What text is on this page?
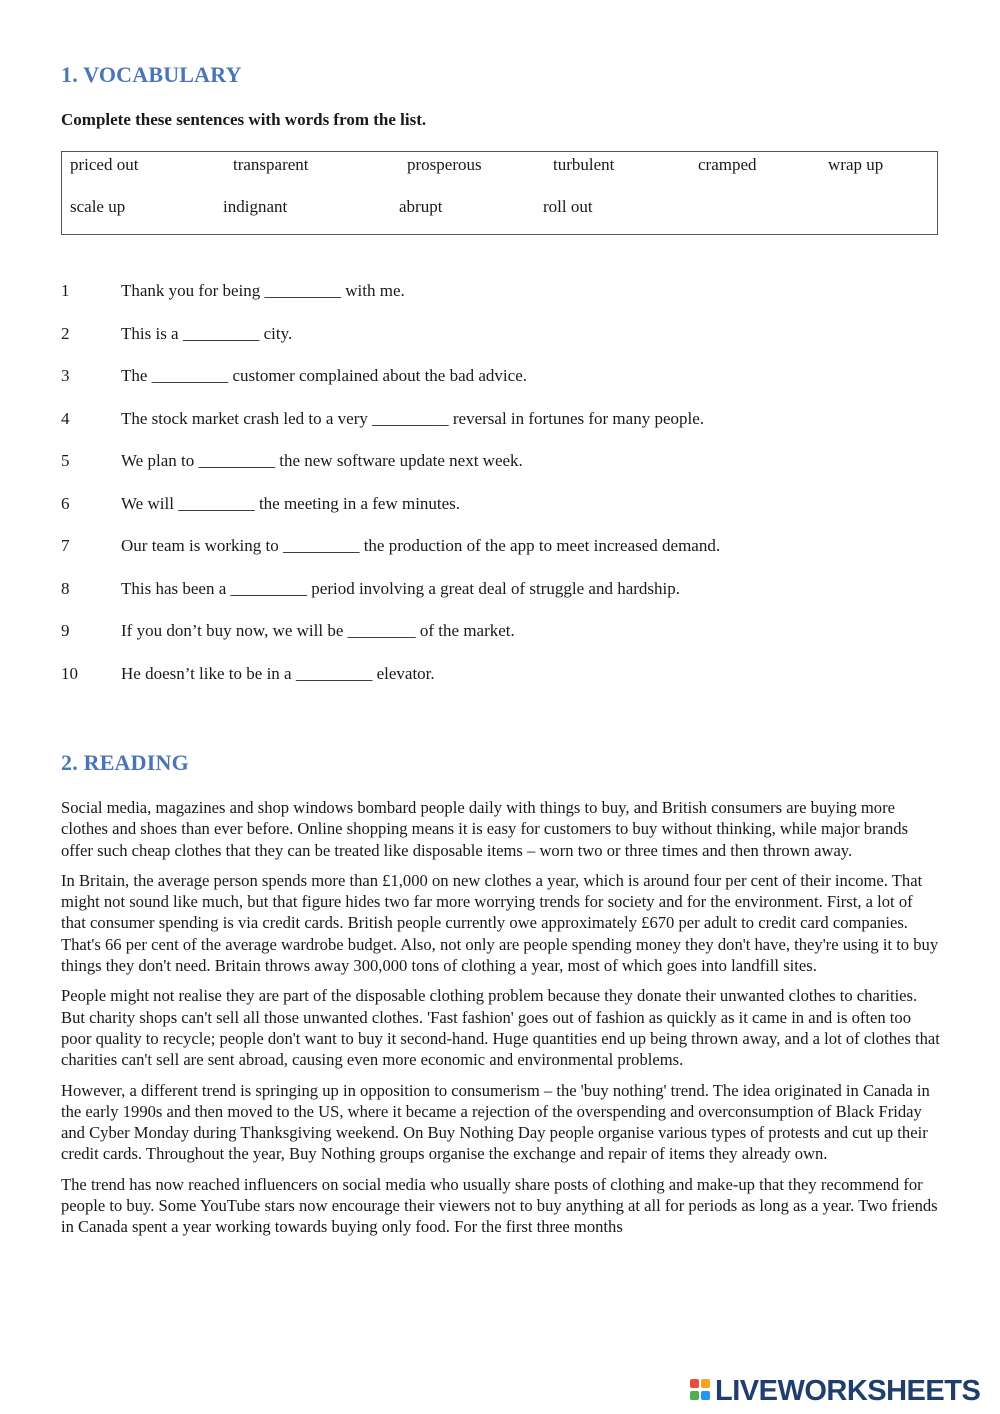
1. VOCABULARY
Complete these sentences with words from the list.
priced out	transparent	prosperous	turbulent	cramped	wrap up
scale up	indignant	abrupt	roll out
1	Thank you for being _________ with me.
2	This is a _________ city.
3	The _________ customer complained about the bad advice.
4	The stock market crash led to a very _________ reversal in fortunes for many people.
5	We plan to _________ the new software update next week.
6	We will _________ the meeting in a few minutes.
7	Our team is working to _________ the production of the app to meet increased demand.
8	This has been a _________ period involving a great deal of struggle and hardship.
9	If you don’t buy now, we will be ________ of the market.
10	He doesn’t like to be in a _________ elevator.
2. READING

Social media, magazines and shop windows bombard people daily with things to buy, and British consumers are buying more clothes and shoes than ever before. Online shopping means it is easy for customers to buy without thinking, while major brands offer such cheap clothes that they can be treated like disposable items – worn two or three times and then thrown away.

In Britain, the average person spends more than £1,000 on new clothes a year, which is around four per cent of their income. That might not sound like much, but that figure hides two far more worrying trends for society and for the environment. First, a lot of that consumer spending is via credit cards. British people currently owe approximately £670 per adult to credit card companies. That's 66 per cent of the average wardrobe budget. Also, not only are people spending money they don't have, they're using it to buy things they don't need. Britain throws away 300,000 tons of clothing a year, most of which goes into landfill sites.

People might not realise they are part of the disposable clothing problem because they donate their unwanted clothes to charities. But charity shops can't sell all those unwanted clothes. 'Fast fashion' goes out of fashion as quickly as it came in and is often too poor quality to recycle; people don't want to buy it second-hand. Huge quantities end up being thrown away, and a lot of clothes that charities can't sell are sent abroad, causing even more economic and environmental problems.

However, a different trend is springing up in opposition to consumerism – the 'buy nothing' trend. The idea originated in Canada in the early 1990s and then moved to the US, where it became a rejection of the overspending and overconsumption of Black Friday and Cyber Monday during Thanksgiving weekend. On Buy Nothing Day people organise various types of protests and cut up their credit cards. Throughout the year, Buy Nothing groups organise the exchange and repair of items they already own.

The trend has now reached influencers on social media who usually share posts of clothing and make-up that they recommend for people to buy. Some YouTube stars now encourage their viewers not to buy anything at all for periods as long as a year. Two friends in Canada spent a year working towards buying only food. For the first three months

LIVEWORKSHEETS
